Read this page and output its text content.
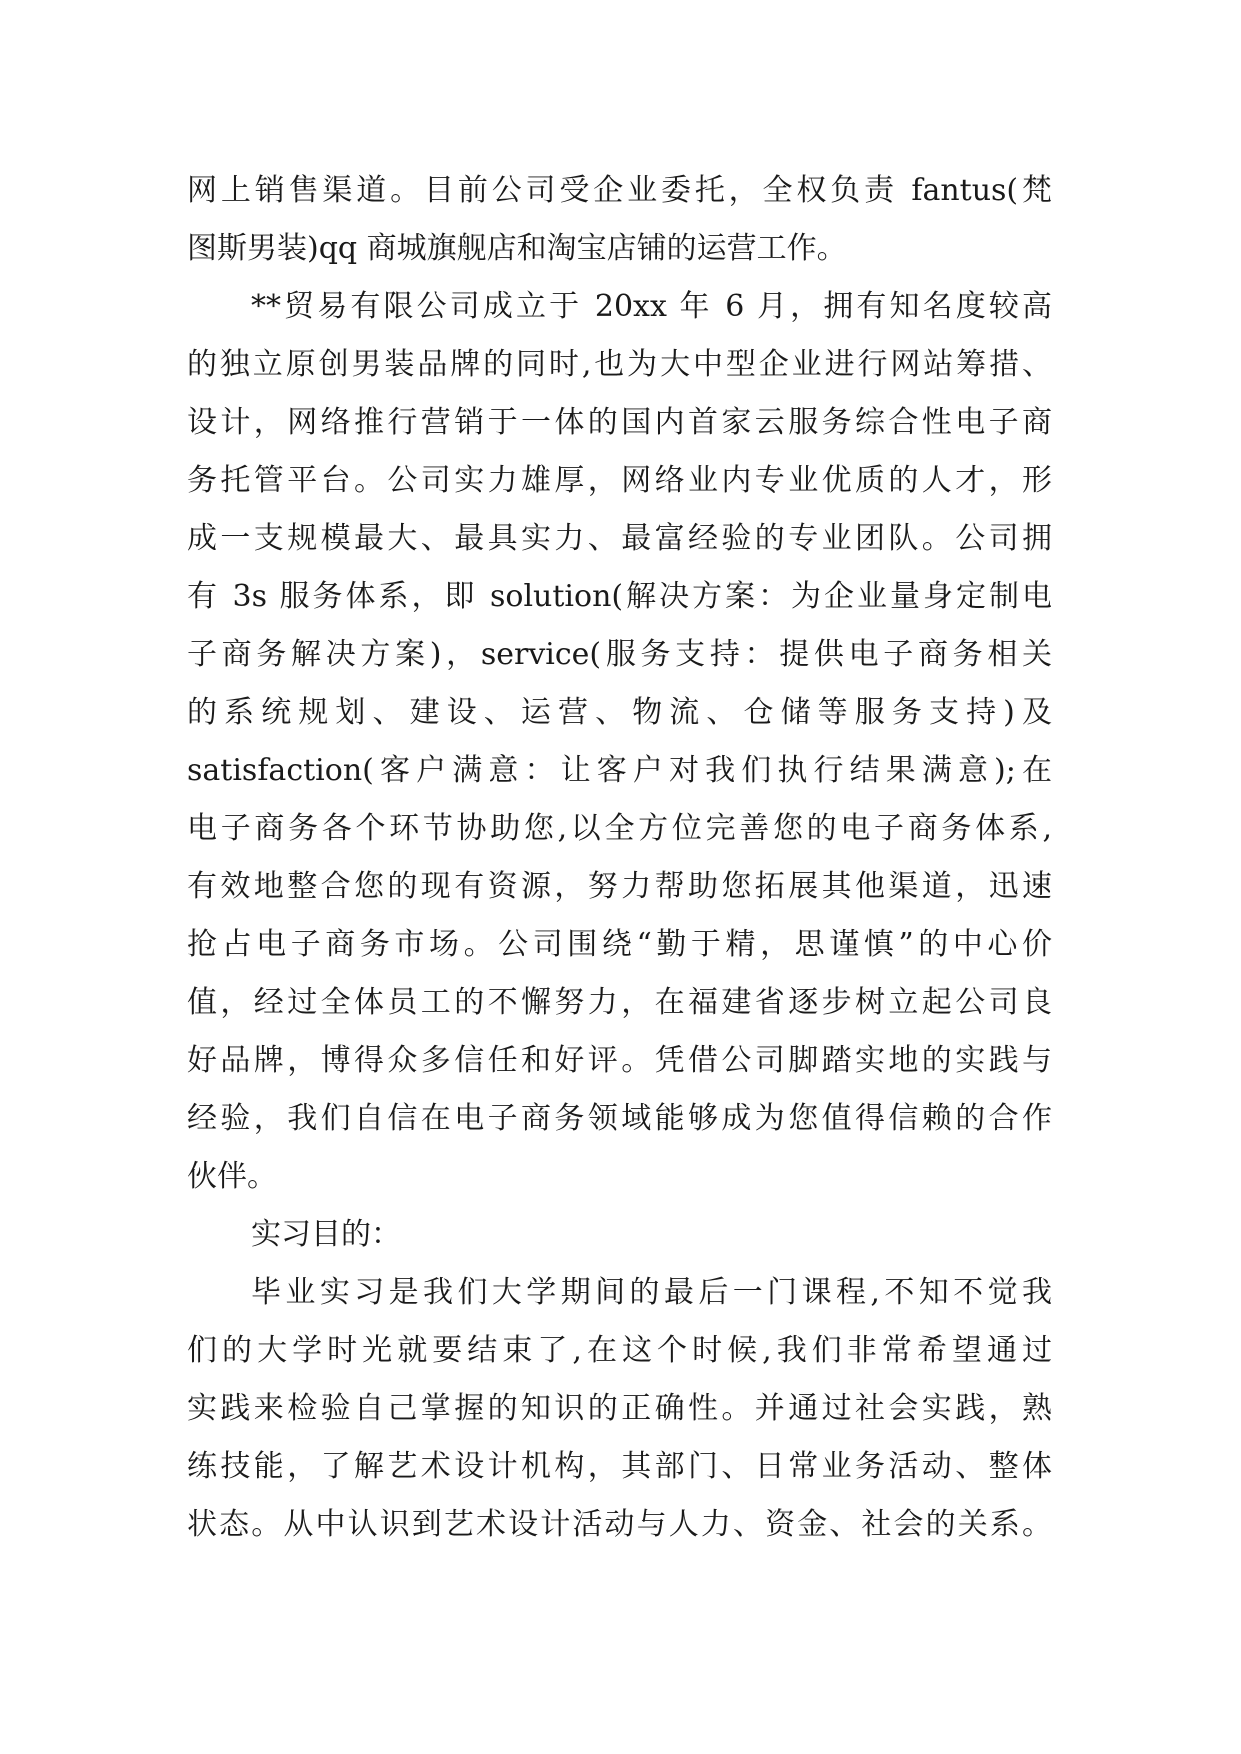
网上销售渠道。目前公司受企业委托，全权负责 fantus(梵
图斯男装)qq 商城旗舰店和淘宝店铺的运营工作。
**贸易有限公司成立于 20xx 年 6 月，拥有知名度较高
的独立原创男装品牌的同时,也为大中型企业进行网站筹措、
设计，网络推行营销于一体的国内首家云服务综合性电子商
务托管平台。公司实力雄厚，网络业内专业优质的人才，形
成一支规模最大、最具实力、最富经验的专业团队。公司拥
有 3s 服务体系，即 solution(解决方案：为企业量身定制电
子商务解决方案)，service(服务支持：提供电子商务相关
的系统规划、建设、运营、物流、仓储等服务支持)及
satisfaction(客户满意：让客户对我们执行结果满意);在
电子商务各个环节协助您,以全方位完善您的电子商务体系,
有效地整合您的现有资源，努力帮助您拓展其他渠道，迅速
抢占电子商务市场。公司围绕“勤于精，思谨慎”的中心价
值，经过全体员工的不懈努力，在福建省逐步树立起公司良
好品牌，博得众多信任和好评。凭借公司脚踏实地的实践与
经验，我们自信在电子商务领域能够成为您值得信赖的合作
伙伴。
实习目的：
毕业实习是我们大学期间的最后一门课程,不知不觉我
们的大学时光就要结束了,在这个时候,我们非常希望通过
实践来检验自己掌握的知识的正确性。并通过社会实践，熟
练技能，了解艺术设计机构，其部门、日常业务活动、整体
状态。从中认识到艺术设计活动与人力、资金、社会的关系。
